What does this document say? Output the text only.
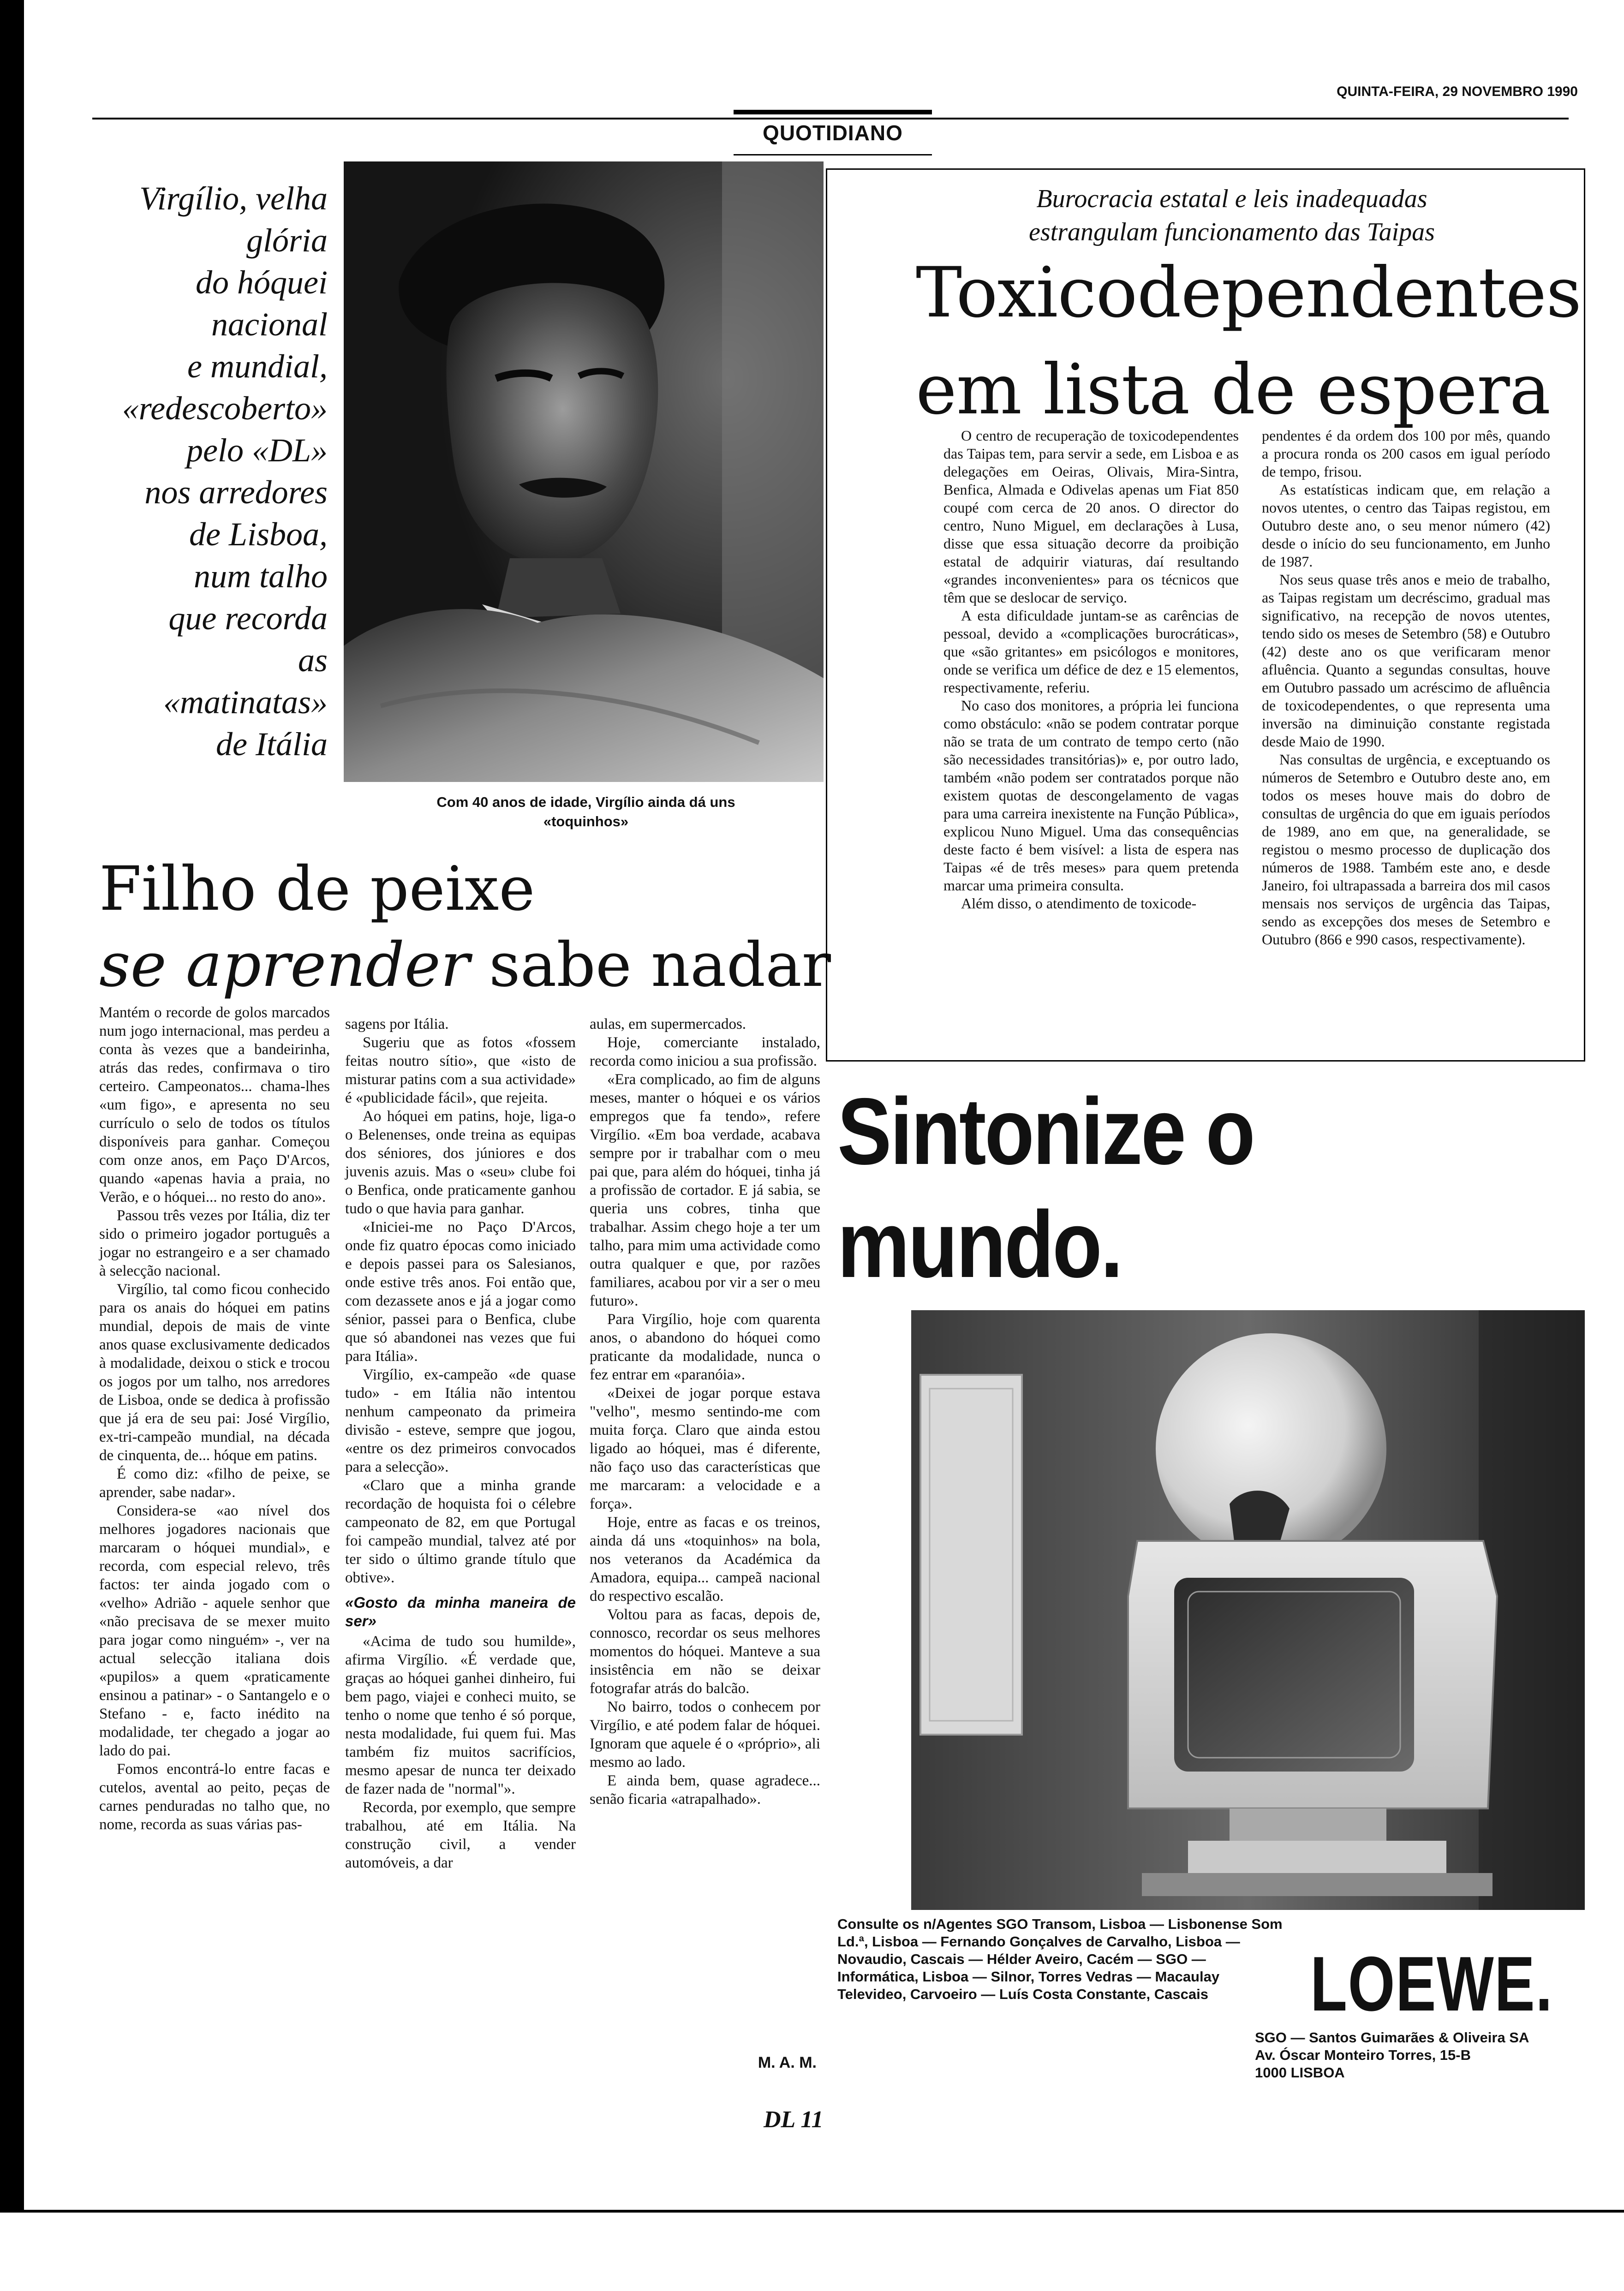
QUINTA-FEIRA, 29 NOVEMBRO 1990
QUOTIDIANO
Virgílio, velha
glória
do hóquei
nacional
e mundial,
«redescoberto»
pelo «DL»
nos arredores
de Lisboa,
num talho
que recorda
as
«matinatas»
de Itália
Com 40 anos de idade, Virgílio ainda dá uns «toquinhos»
Filho de peixe
se aprender sabe nadar

Mantém o recorde de golos marcados num jogo internacional, mas perdeu a conta às vezes que a bandeirinha, atrás das redes, confirmava o tiro certeiro. Campeonatos... chama-lhes «um figo», e apresenta no seu currículo o selo de todos os títulos disponíveis para ganhar. Começou com onze anos, em Paço D'Arcos, quando «apenas havia a praia, no Verão, e o hóquei... no resto do ano».

Passou três vezes por Itália, diz ter sido o primeiro jogador português a jogar no estrangeiro e a ser chamado à selecção nacional.

Virgílio, tal como ficou conhecido para os anais do hóquei em patins mundial, depois de mais de vinte anos quase exclusivamente dedicados à modalidade, deixou o stick e trocou os jogos por um talho, nos arredores de Lisboa, onde se dedica à profissão que já era de seu pai: José Virgílio, ex-tri-campeão mundial, na década de cinquenta, de... hóque em patins.

É como diz: «filho de peixe, se aprender, sabe nadar».

Considera-se «ao nível dos melhores jogadores nacionais que marcaram o hóquei mundial», e recorda, com especial relevo, três factos: ter ainda jogado com o «velho» Adrião - aquele senhor que «não precisava de se mexer muito para jogar como ninguém» -, ver na actual selecção italiana dois «pupilos» a quem «praticamente ensinou a patinar» - o Santangelo e o Stefano - e, facto inédito na modalidade, ter chegado a jogar ao lado do pai.

Fomos encontrá-lo entre facas e cutelos, avental ao peito, peças de carnes penduradas no talho que, no nome, recorda as suas várias pas-

sagens por Itália.

Sugeriu que as fotos «fossem feitas noutro sítio», que «isto de misturar patins com a sua actividade» é «publicidade fácil», que rejeita.

Ao hóquei em patins, hoje, liga-o o Belenenses, onde treina as equipas dos séniores, dos júniores e dos juvenis azuis. Mas o «seu» clube foi o Benfica, onde praticamente ganhou tudo o que havia para ganhar.

«Iniciei-me no Paço D'Arcos, onde fiz quatro épocas como iniciado e depois passei para os Salesianos, onde estive três anos. Foi então que, com dezassete anos e já a jogar como sénior, passei para o Benfica, clube que só abandonei nas vezes que fui para Itália».

Virgílio, ex-campeão «de quase tudo» - em Itália não intentou nenhum campeonato da primeira divisão - esteve, sempre que jogou, «entre os dez primeiros convocados para a selecção».

«Claro que a minha grande recordação de hoquista foi o célebre campeonato de 82, em que Portugal foi campeão mundial, talvez até por ter sido o último grande título que obtive».

«Gosto da minha maneira de ser»

«Acima de tudo sou humilde», afirma Virgílio. «É verdade que, graças ao hóquei ganhei dinheiro, fui bem pago, viajei e conheci muito, se tenho o nome que tenho é só porque, nesta modalidade, fui quem fui. Mas também fiz muitos sacrifícios, mesmo apesar de nunca ter deixado de fazer nada de "normal"».

Recorda, por exemplo, que sempre trabalhou, até em Itália. Na construção civil, a vender automóveis, a dar

aulas, em supermercados.

Hoje, comerciante instalado, recorda como iniciou a sua profissão.

«Era complicado, ao fim de alguns meses, manter o hóquei e os vários empregos que fa tendo», refere Virgílio. «Em boa verdade, acabava sempre por ir trabalhar com o meu pai que, para além do hóquei, tinha já a profissão de cortador. E já sabia, se queria uns cobres, tinha que trabalhar. Assim chego hoje a ter um talho, para mim uma actividade como outra qualquer e que, por razões familiares, acabou por vir a ser o meu futuro».

Para Virgílio, hoje com quarenta anos, o abandono do hóquei como praticante da modalidade, nunca o fez entrar em «paranóia».

«Deixei de jogar porque estava "velho", mesmo sentindo-me com muita força. Claro que ainda estou ligado ao hóquei, mas é diferente, não faço uso das características que me marcaram: a velocidade e a força».

Hoje, entre as facas e os treinos, ainda dá uns «toquinhos» na bola, nos veteranos da Académica da Amadora, equipa... campeã nacional do respectivo escalão.

Voltou para as facas, depois de, connosco, recordar os seus melhores momentos do hóquei. Manteve a sua insistência em não se deixar fotografar atrás do balcão.

No bairro, todos o conhecem por Virgílio, e até podem falar de hóquei. Ignoram que aquele é o «próprio», ali mesmo ao lado.

E ainda bem, quase agradece... senão ficaria «atrapalhado».

M. A. M.
Burocracia estatal e leis inadequadas
estrangulam funcionamento das Taipas
Toxicodependentes
em lista de espera

O centro de recuperação de toxicodependentes das Taipas tem, para servir a sede, em Lisboa e as delegações em Oeiras, Olivais, Mira-Sintra, Benfica, Almada e Odivelas apenas um Fiat 850 coupé com cerca de 20 anos. O director do centro, Nuno Miguel, em declarações à Lusa, disse que essa situação decorre da proibição estatal de adquirir viaturas, daí resultando «grandes inconvenientes» para os técnicos que têm que se deslocar de serviço.

A esta dificuldade juntam-se as carências de pessoal, devido a «complicações burocráticas», que «são gritantes» em psicólogos e monitores, onde se verifica um défice de dez e 15 elementos, respectivamente, referiu.

No caso dos monitores, a própria lei funciona como obstáculo: «não se podem contratar porque não se trata de um contrato de tempo certo (não são necessidades transitórias)» e, por outro lado, também «não podem ser contratados porque não existem quotas de descongelamento de vagas para uma carreira inexistente na Função Pública», explicou Nuno Miguel. Uma das consequências deste facto é bem visível: a lista de espera nas Taipas «é de três meses» para quem pretenda marcar uma primeira consulta.

Além disso, o atendimento de toxicode-

pendentes é da ordem dos 100 por mês, quando a procura ronda os 200 casos em igual período de tempo, frisou.

As estatísticas indicam que, em relação a novos utentes, o centro das Taipas registou, em Outubro deste ano, o seu menor número (42) desde o início do seu funcionamento, em Junho de 1987.

Nos seus quase três anos e meio de trabalho, as Taipas registam um decréscimo, gradual mas significativo, na recepção de novos utentes, tendo sido os meses de Setembro (58) e Outubro (42) deste ano os que verificaram menor afluência. Quanto a segundas consultas, houve em Outubro passado um acréscimo de afluência de toxicodependentes, o que representa uma inversão na diminuição constante registada desde Maio de 1990.

Nas consultas de urgência, e exceptuando os números de Setembro e Outubro deste ano, em todos os meses houve mais do dobro de consultas de urgência do que em iguais períodos de 1989, ano em que, na generalidade, se registou o mesmo processo de duplicação dos números de 1988. Também este ano, e desde Janeiro, foi ultrapassada a barreira dos mil casos mensais nos serviços de urgência das Taipas, sendo as excepções dos meses de Setembro e Outubro (866 e 990 casos, respectivamente).

Sintonize o
mundo.
Consulte os n/Agentes SGO Transom, Lisboa — Lisbonense Som Ld.ª, Lisboa — Fernando Gonçalves de Carvalho, Lisboa — Novaudio, Cascais — Hélder Aveiro, Cacém — SGO — Informática, Lisboa — Silnor, Torres Vedras — Macaulay Televideo, Carvoeiro — Luís Costa Constante, Cascais	LOEWE.
SGO — Santos Guimarães & Oliveira SA
Av. Óscar Monteiro Torres, 15-B
1000 LISBOA
DL 11
